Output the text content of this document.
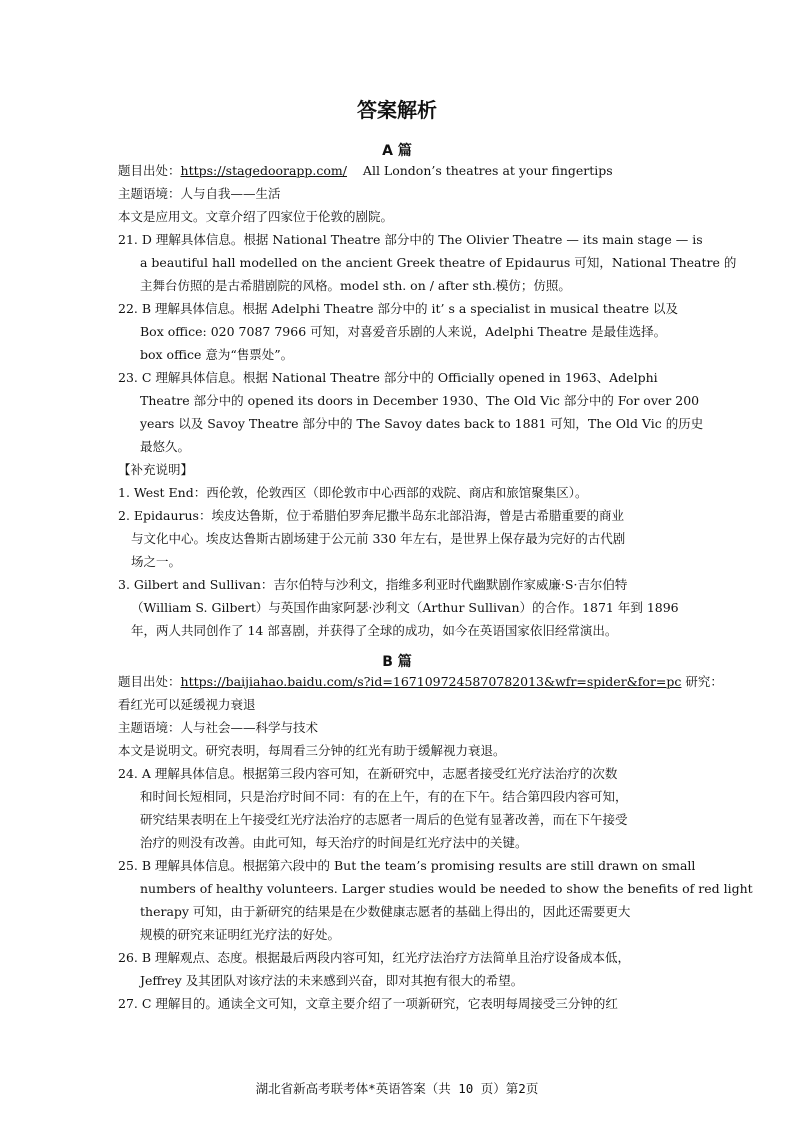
答案解析
A 篇
题目出处：https://stagedoorapp.com/ All London’s theatres at your fingertips
主题语境：人与自我——生活
本文是应用文。文章介绍了四家位于伦敦的剧院。
21. D 理解具体信息。根据 National Theatre 部分中的 The Olivier Theatre — its main stage — is
a beautiful hall modelled on the ancient Greek theatre of Epidaurus 可知，National Theatre 的
主舞台仿照的是古希腊剧院的风格。model sth. on / after sth.模仿；仿照。
22. B 理解具体信息。根据 Adelphi Theatre 部分中的 it’ s a specialist in musical theatre 以及
Box office: 020 7087 7966 可知，对喜爱音乐剧的人来说，Adelphi Theatre 是最佳选择。
box office 意为“售票处”。
23. C 理解具体信息。根据 National Theatre 部分中的 Officially opened in 1963、Adelphi
Theatre 部分中的 opened its doors in December 1930、The Old Vic 部分中的 For over 200
years 以及 Savoy Theatre 部分中的 The Savoy dates back to 1881 可知，The Old Vic 的历史
最悠久。
【补充说明】
1. West End：西伦敦，伦敦西区（即伦敦市中心西部的戏院、商店和旅馆聚集区）。
2. Epidaurus：埃皮达鲁斯，位于希腊伯罗奔尼撒半岛东北部沿海，曾是古希腊重要的商业
与文化中心。埃皮达鲁斯古剧场建于公元前 330 年左右，是世界上保存最为完好的古代剧
场之一。
3. Gilbert and Sullivan：吉尔伯特与沙利文，指维多利亚时代幽默剧作家威廉·S·吉尔伯特
（William S. Gilbert）与英国作曲家阿瑟·沙利文（Arthur Sullivan）的合作。1871 年到 1896
年，两人共同创作了 14 部喜剧，并获得了全球的成功，如今在英语国家依旧经常演出。
B 篇
题目出处：https://baijiahao.baidu.com/s?id=1671097245870782013&wfr=spider&for=pc 研究：
看红光可以延缓视力衰退
主题语境：人与社会——科学与技术
本文是说明文。研究表明，每周看三分钟的红光有助于缓解视力衰退。
24. A 理解具体信息。根据第三段内容可知，在新研究中，志愿者接受红光疗法治疗的次数
和时间长短相同，只是治疗时间不同：有的在上午，有的在下午。结合第四段内容可知，
研究结果表明在上午接受红光疗法治疗的志愿者一周后的色觉有显著改善，而在下午接受
治疗的则没有改善。由此可知，每天治疗的时间是红光疗法中的关键。
25. B 理解具体信息。根据第六段中的 But the team’s promising results are still drawn on small
numbers of healthy volunteers. Larger studies would be needed to show the benefits of red light
therapy 可知，由于新研究的结果是在少数健康志愿者的基础上得出的，因此还需要更大
规模的研究来证明红光疗法的好处。
26. B 理解观点、态度。根据最后两段内容可知，红光疗法治疗方法简单且治疗设备成本低，
Jeffrey 及其团队对该疗法的未来感到兴奋，即对其抱有很大的希望。
27. C 理解目的。通读全文可知，文章主要介绍了一项新研究，它表明每周接受三分钟的红
湖北省新高考联考体*英语答案（共 10 页）第2页
